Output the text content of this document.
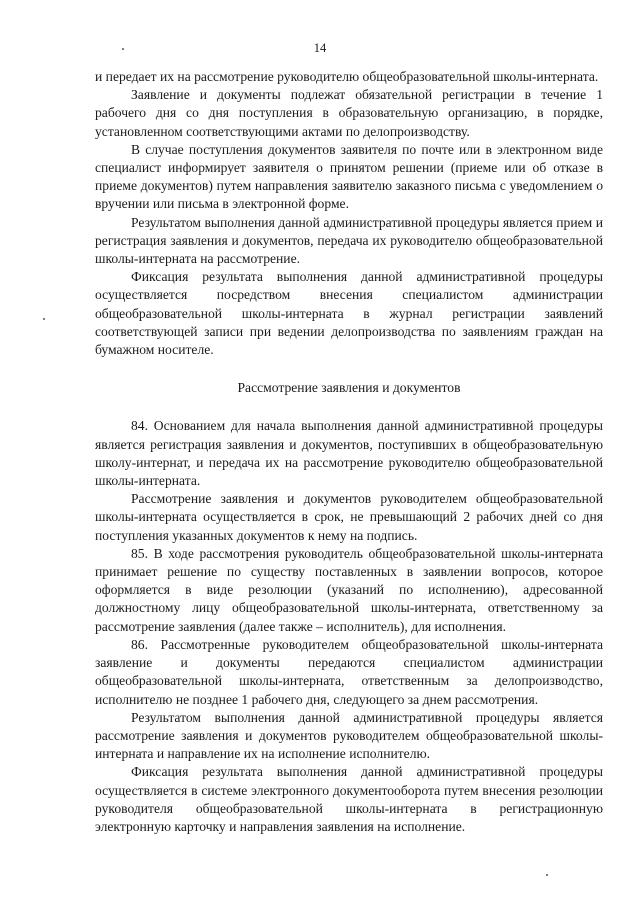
14

и передает их на рассмотрение руководителю общеобразовательной школы-интерната.

Заявление и документы подлежат обязательной регистрации в течение 1 рабочего дня со дня поступления в образовательную организацию, в порядке, установленном соответствующими актами по делопроизводству.

В случае поступления документов заявителя по почте или в электронном виде специалист информирует заявителя о принятом решении (приеме или об отказе в приеме документов) путем направления заявителю заказного письма с уведомлением о вручении или письма в электронной форме.

Результатом выполнения данной административной процедуры является прием и регистрация заявления и документов, передача их руководителю общеобразовательной школы-интерната на рассмотрение.

Фиксация результата выполнения данной административной процедуры осуществляется посредством внесения специалистом администрации общеобразовательной школы-интерната в журнал регистрации заявлений соответствующей записи при ведении делопроизводства по заявлениям граждан на бумажном носителе.

Рассмотрение заявления и документов

84. Основанием для начала выполнения данной административной процедуры является регистрация заявления и документов, поступивших в общеобразовательную школу-интернат, и передача их на рассмотрение руководителю общеобразовательной школы-интерната.

Рассмотрение заявления и документов руководителем общеобразовательной школы-интерната осуществляется в срок, не превышающий 2 рабочих дней со дня поступления указанных документов к нему на подпись.

85. В ходе рассмотрения руководитель общеобразовательной школы-интерната принимает решение по существу поставленных в заявлении вопросов, которое оформляется в виде резолюции (указаний по исполнению), адресованной должностному лицу общеобразовательной школы-интерната, ответственному за рассмотрение заявления (далее также – исполнитель), для исполнения.

86. Рассмотренные руководителем общеобразовательной школы-интерната заявление и документы передаются специалистом администрации общеобразовательной школы-интерната, ответственным за делопроизводство, исполнителю не позднее 1 рабочего дня, следующего за днем рассмотрения.

Результатом выполнения данной административной процедуры является рассмотрение заявления и документов руководителем общеобразовательной школы-интерната и направление их на исполнение исполнителю.

Фиксация результата выполнения данной административной процедуры осуществляется в системе электронного документооборота путем внесения резолюции руководителя общеобразовательной школы-интерната в регистрационную электронную карточку и направления заявления на исполнение.
